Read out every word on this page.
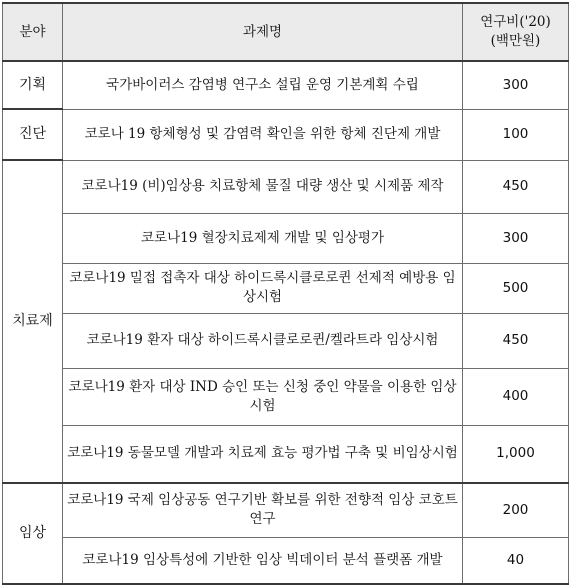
분야	과제명	연구비('20)
(백만원)

기획	국가바이러스 감염병 연구소 설립 운영 기본계획 수립	300
진단	코로나 19 항체형성 및 감염력 확인을 위한 항체 진단제 개발	100
치료제	코로나19 (비)임상용 치료항체 물질 대량 생산 및 시제품 제작	450
	코로나19 혈장치료제제 개발 및 임상평가	300
	코로나19 밀접 접촉자 대상 하이드록시클로로퀸 선제적 예방용 임상시험	500
	코로나19 환자 대상 하이드록시클로로퀸/켈라트라 임상시험	450
	코로나19 환자 대상 IND 승인 또는 신청 중인 약물을 이용한 임상시험	400
	코로나19 동물모델 개발과 치료제 효능 평가법 구축 및 비임상시험	1,000
임상	코로나19 국제 임상공동 연구기반 확보를 위한 전향적 임상 코호트 연구	200
	코로나19 임상특성에 기반한 임상 빅데이터 분석 플랫폼 개발	40
